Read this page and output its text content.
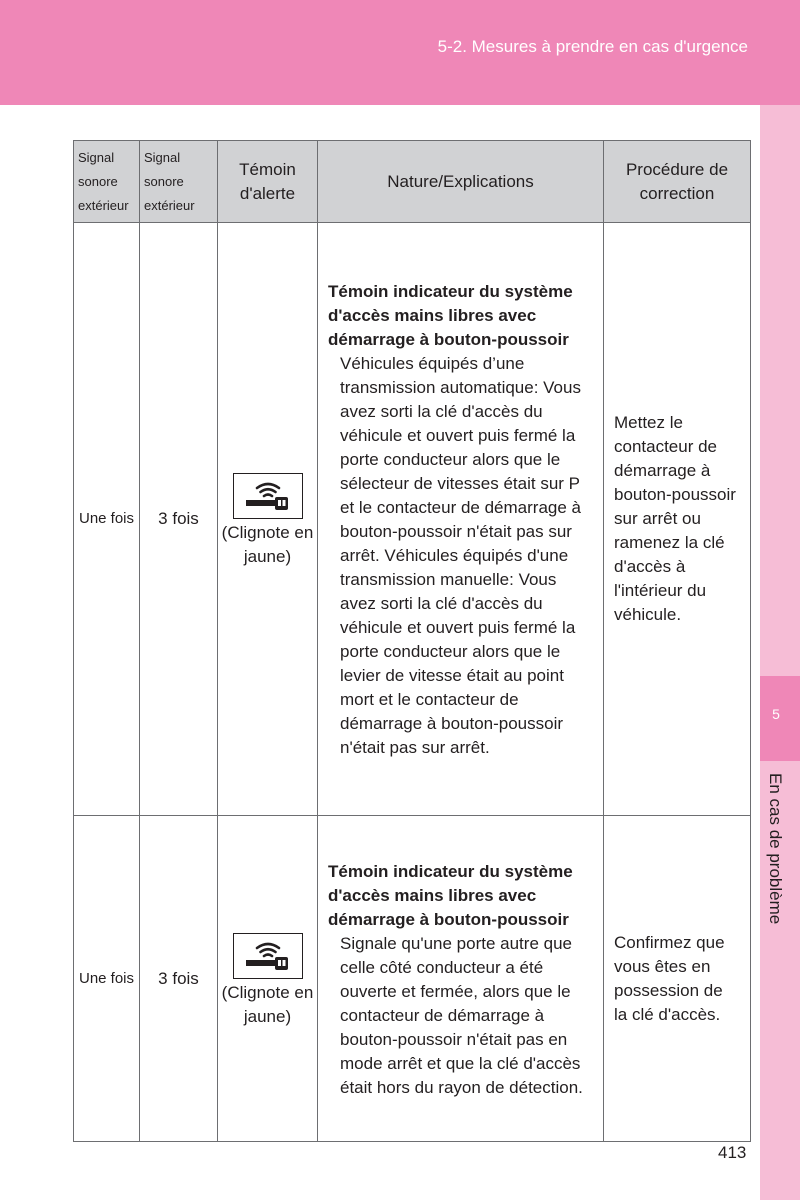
5-2. Mesures à prendre en cas d'urgence
5
En cas de problème
Signal sonore extérieur	Signal sonore extérieur	Témoin d'alerte	Nature/Explications	Procédure de correction
Une fois	3 fois	(Clignote en jaune)	Témoin indicateur du système d'accès mains libres avec démarrage à bouton-poussoir
Véhicules équipés d’une transmission automatique: Vous avez sorti la clé d'accès du véhicule et ouvert puis fermé la porte conducteur alors que le sélecteur de vitesses était sur P et le contacteur de démarrage à bouton-poussoir n'était pas sur arrêt. Véhicules équipés d'une transmission manuelle: Vous avez sorti la clé d'accès du véhicule et ouvert puis fermé la porte conducteur alors que le levier de vitesse était au point mort et le contacteur de démarrage à bouton-poussoir n'était pas sur arrêt.	Mettez le contacteur de démarrage à bouton-poussoir sur arrêt ou ramenez la clé d'accès à l'intérieur du véhicule.
Une fois	3 fois	(Clignote en jaune)	Témoin indicateur du système d'accès mains libres avec démarrage à bouton-poussoir
Signale qu'une porte autre que celle côté conducteur a été ouverte et fermée, alors que le contacteur de démarrage à bouton-poussoir n'était pas en mode arrêt et que la clé d'accès était hors du rayon de détection.	Confirmez que vous êtes en possession de la clé d'accès.
413
